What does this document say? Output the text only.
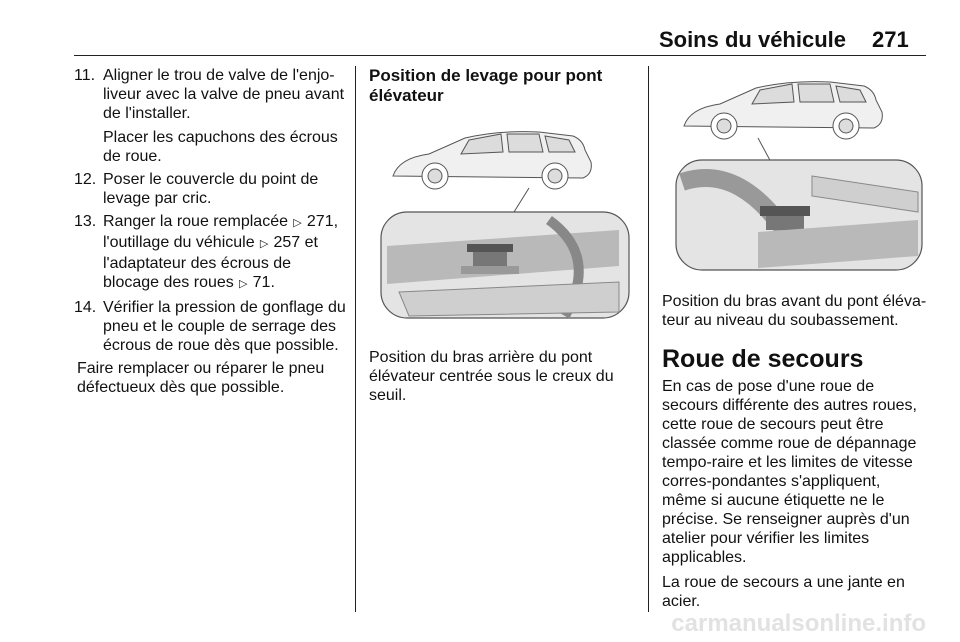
Soins du véhicule 271
11. Aligner le trou de valve de l'enjo-liveur avec la valve de pneu avant de l'installer.
Placer les capuchons des écrous de roue.
12. Poser le couvercle du point de levage par cric.
13. Ranger la roue remplacée ▷ 271, l'outillage du véhicule ▷ 257 et l'adaptateur des écrous de blocage des roues ▷ 71.
14. Vérifier la pression de gonflage du pneu et le couple de serrage des écrous de roue dès que possible.

Faire remplacer ou réparer le pneu défectueux dès que possible.

Position de levage pour pont élévateur

Position du bras arrière du pont élévateur centrée sous le creux du seuil.

Position du bras avant du pont éléva-teur au niveau du soubassement.

Roue de secours

En cas de pose d'une roue de secours différente des autres roues, cette roue de secours peut être classée comme roue de dépannage tempo-raire et les limites de vitesse corres-pondantes s'appliquent, même si aucune étiquette ne le précise. Se renseigner auprès d'un atelier pour vérifier les limites applicables.

La roue de secours a une jante en acier.

carmanualsonline.info
